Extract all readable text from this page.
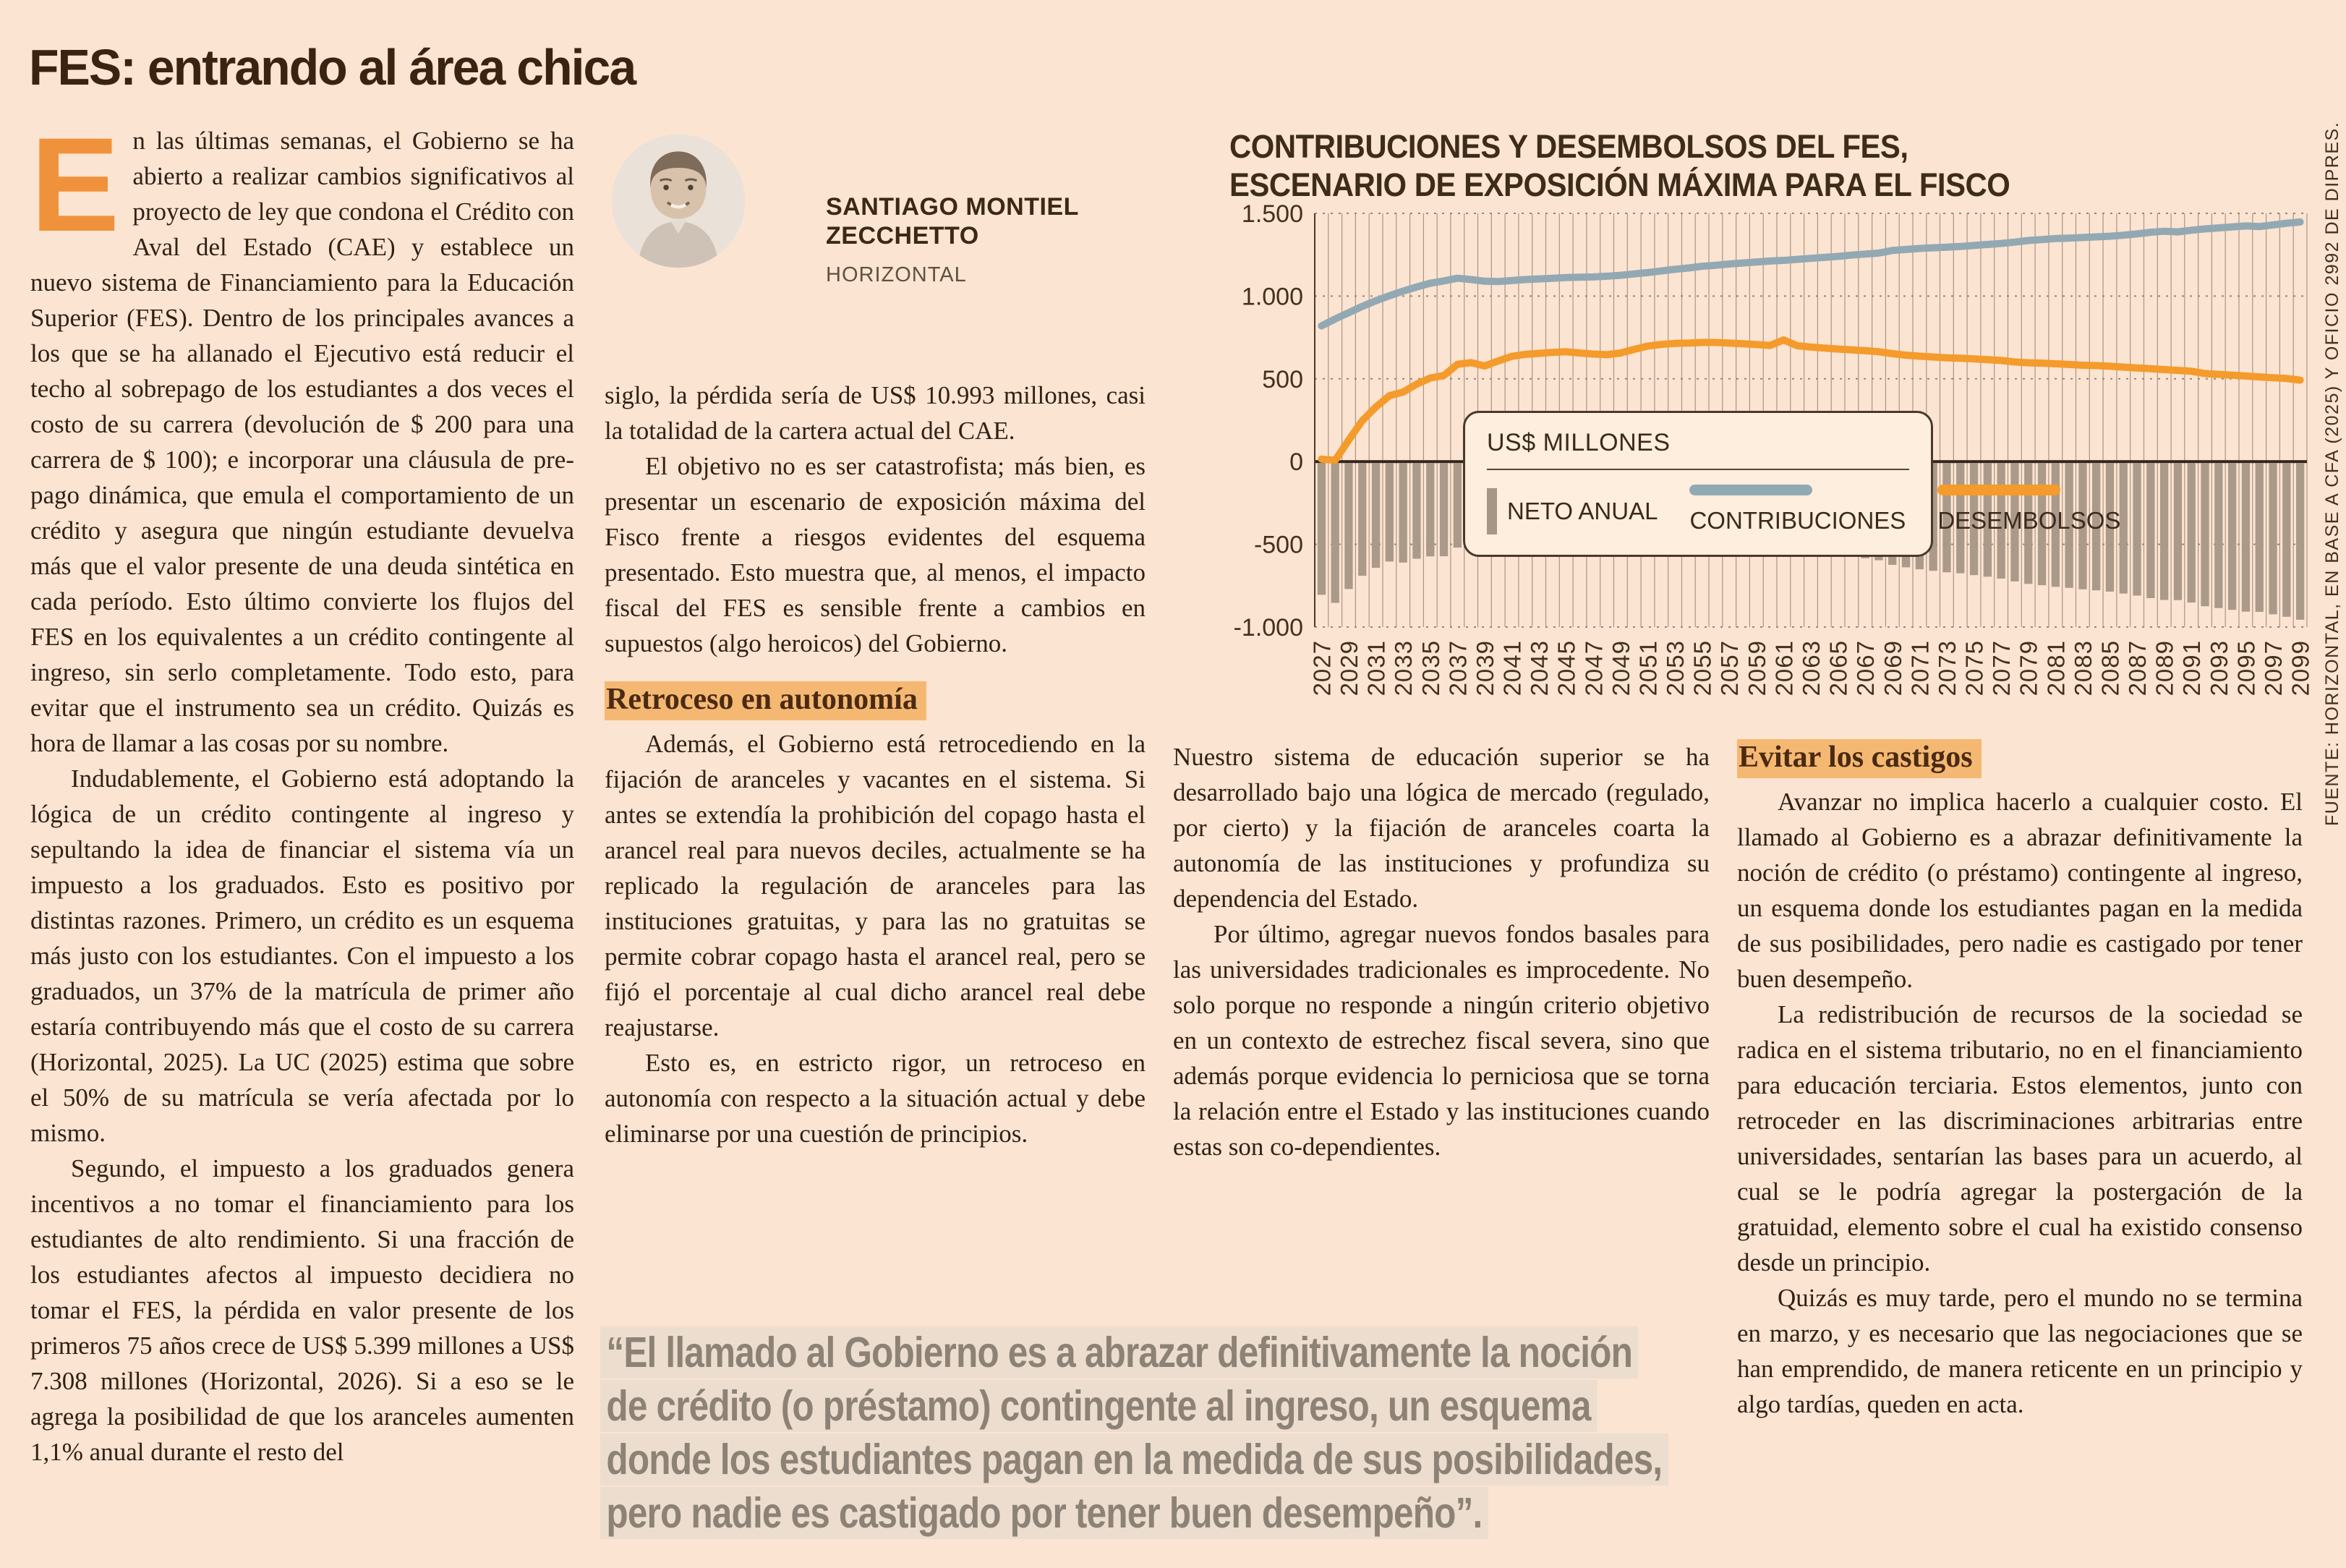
FES: entrando al área chica

En las últimas semanas, el Gobierno se ha abierto a realizar cambios significativos al proyecto de ley que condona el Crédito con Aval del Estado (CAE) y establece un nuevo sistema de Financiamiento para la Educación Superior (FES). Dentro de los principales avances a los que se ha allanado el Ejecutivo está reducir el techo al sobrepago de los estudiantes a dos veces el costo de su carrera (devolución de $ 200 para una carrera de $ 100); e incorporar una cláusula de pre-pago dinámica, que emula el comportamiento de un crédito y asegura que ningún estudiante devuelva más que el valor presente de una deuda sintética en cada período. Esto último convierte los flujos del FES en los equivalentes a un crédito contingente al ingreso, sin serlo completamente. Todo esto, para evitar que el instrumento sea un crédito. Quizás es hora de llamar a las cosas por su nombre.

Indudablemente, el Gobierno está adoptando la lógica de un crédito contingente al ingreso y sepultando la idea de financiar el sistema vía un impuesto a los graduados. Esto es positivo por distintas razones. Primero, un crédito es un esquema más justo con los estudiantes. Con el impuesto a los graduados, un 37% de la matrícula de primer año estaría contribuyendo más que el costo de su carrera (Horizontal, 2025). La UC (2025) estima que sobre el 50% de su matrícula se vería afectada por lo mismo.

Segundo, el impuesto a los graduados genera incentivos a no tomar el financiamiento para los estudiantes de alto rendimiento. Si una fracción de los estudiantes afectos al impuesto decidiera no tomar el FES, la pérdida en valor presente de los primeros 75 años crece de US$ 5.399 millones a US$ 7.308 millones (Horizontal, 2026). Si a eso se le agrega la posibilidad de que los aranceles aumenten 1,1% anual durante el resto del

SANTIAGO MONTIEL ZECCHETTO
HORIZONTAL

siglo, la pérdida sería de US$ 10.993 millones, casi la totalidad de la cartera actual del CAE.

El objetivo no es ser catastrofista; más bien, es presentar un escenario de exposición máxima del Fisco frente a riesgos evidentes del esquema presentado. Esto muestra que, al menos, el impacto fiscal del FES es sensible frente a cambios en supuestos (algo heroicos) del Gobierno.

Retroceso en autonomía

Además, el Gobierno está retrocediendo en la fijación de aranceles y vacantes en el sistema. Si antes se extendía la prohibición del copago hasta el arancel real para nuevos deciles, actualmente se ha replicado la regulación de aranceles para las instituciones gratuitas, y para las no gratuitas se permite cobrar copago hasta el arancel real, pero se fijó el porcentaje al cual dicho arancel real debe reajustarse.

Esto es, en estricto rigor, un retroceso en autonomía con respecto a la situación actual y debe eliminarse por una cuestión de principios.

CONTRIBUCIONES Y DESEMBOLSOS DEL FES,
ESCENARIO DE EXPOSICIÓN MÁXIMA PARA EL FISCO
1.500
1.000
500
0
-500
-1.000
2027 2029 2031 2033 2035 2037 2039 2041 2043 2045 2047 2049 2051 2053 2055 2057 2059 2061 2063 2065 2067 2069 2071 2073 2075 2077 2079 2081 2083 2085 2087 2089 2091 2093 2095 2097 2099
US$ MILLONES
NETO ANUAL CONTRIBUCIONES DESEMBOLSOS	FUENTE: HORIZONTAL, EN BASE A CFA (2025) Y OFICIO 2992 DE DIPRES.

Nuestro sistema de educación superior se ha desarrollado bajo una lógica de mercado (regulado, por cierto) y la fijación de aranceles coarta la autonomía de las instituciones y profundiza su dependencia del Estado.

Por último, agregar nuevos fondos basales para las universidades tradicionales es improcedente. No solo porque no responde a ningún criterio objetivo en un contexto de estrechez fiscal severa, sino que además porque evidencia lo perniciosa que se torna la relación entre el Estado y las instituciones cuando estas son co-dependientes.

Evitar los castigos

Avanzar no implica hacerlo a cualquier costo. El llamado al Gobierno es a abrazar definitivamente la noción de crédito (o préstamo) contingente al ingreso, un esquema donde los estudiantes pagan en la medida de sus posibilidades, pero nadie es castigado por tener buen desempeño.

La redistribución de recursos de la sociedad se radica en el sistema tributario, no en el financiamiento para educación terciaria. Estos elementos, junto con retroceder en las discriminaciones arbitrarias entre universidades, sentarían las bases para un acuerdo, al cual se le podría agregar la postergación de la gratuidad, elemento sobre el cual ha existido consenso desde un principio.

Quizás es muy tarde, pero el mundo no se termina en marzo, y es necesario que las negociaciones que se han emprendido, de manera reticente en un principio y algo tardías, queden en acta.

“El llamado al Gobierno es a abrazar definitivamente la noción de crédito (o préstamo) contingente al ingreso, un esquema donde los estudiantes pagan en la medida de sus posibilidades, pero nadie es castigado por tener buen desempeño”.
